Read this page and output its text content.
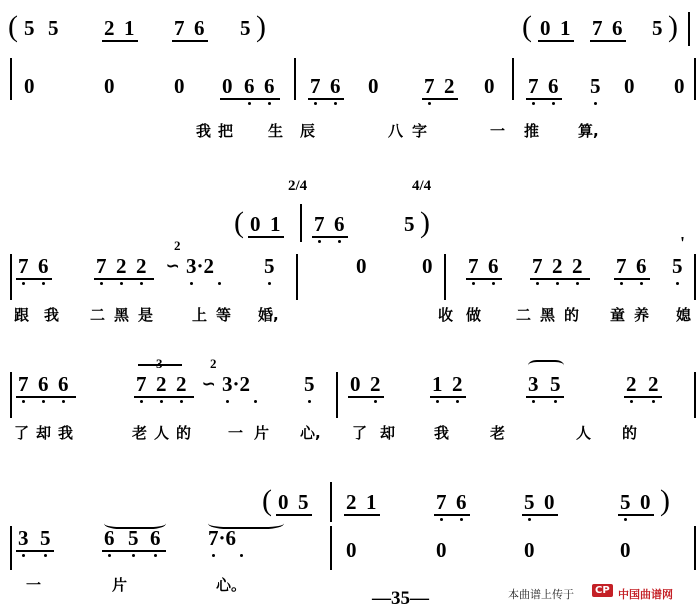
( 5 5 2 1 7 6 5 )	( 0 1 7 6 5 )
0	0	0 0 6 6 7 6 0 7 2 0 7 6 5 0 0
我 把 生 辰	八 字	一 推	算,
2/4	4/4
( 0 1 7 6	5 )
7 6 7 2 2
2
∽ 3·2 5	0	0 7 6 7 2 2 7 6 5
'
跟 我 二 黑 是	上 等 婚,	收 做 二 黑 的 童 养 媳
7 6 6	7 2 2
2
∽ 3·2	5 0 2 1 2	3 5	2 2
了 却 我	老 人 的 一 片 心, 了 却	我	老	人 的
( 0 5 2 1	7 6	5 0	5 0 )
3 5	6 5 6 7·6	0	0	0	0
一	片	心。
—35—	本曲谱上传于	CP 中国曲谱网
